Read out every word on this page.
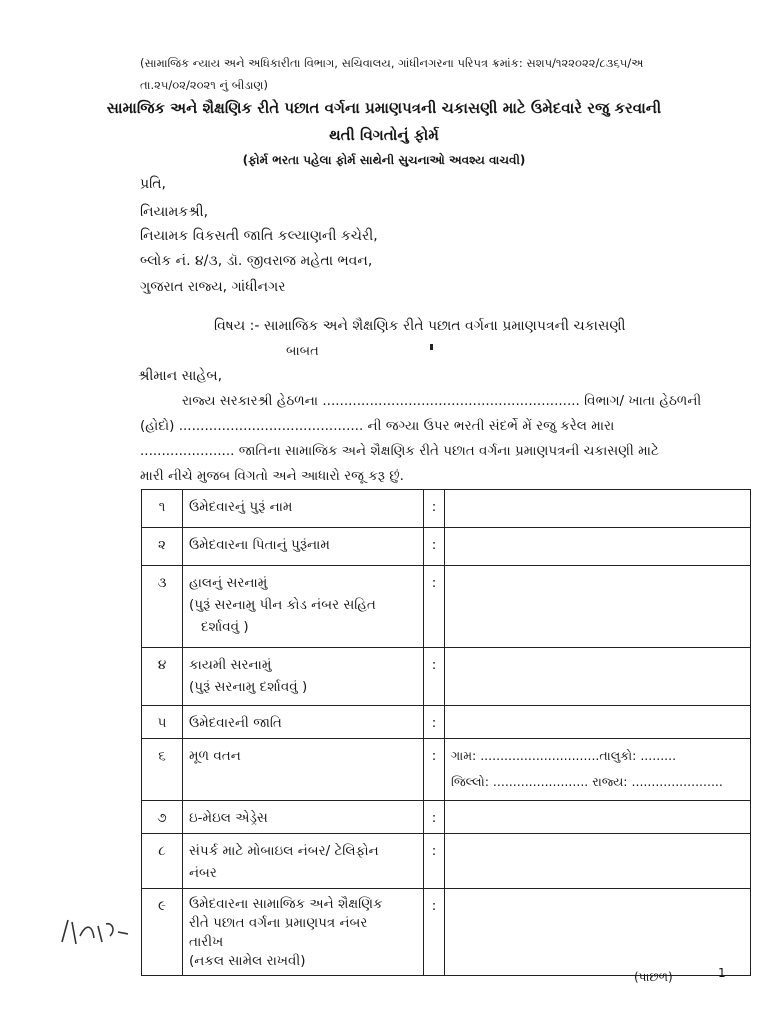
(સામાજિક ન્યાય અને અધિકારીતા વિભાગ, સચિવાલય, ગાંધીનગરના પરિપત્ર ક્રમાંક: સશપ/૧૨૨૦૨૨/૮૩૬૫/અ
તા.૨૫/૦૨/૨૦૨૧ નું બીડાણ)
સામાજિક અને શૈક્ષણિક રીતે પછાત વર્ગના પ્રમાણપત્રની ચકાસણી માટે ઉમેદવારે રજુ કરવાની
થતી વિગતોનું ફોર્મ
(ફોર્મ ભરતા પહેલા ફોર્મ સાથેની સુચનાઓ અવશ્ય વાચવી)
પ્રતિ,
નિયામકશ્રી,
નિયામક વિકસતી જાતિ કલ્યાણની કચેરી,
બ્લોક નં. ૪/૩, ડૉ. જીવરાજ મહેતા ભવન,
ગુજરાત રાજ્ય, ગાંધીનગર
વિષય :- સામાજિક અને શૈક્ષણિક રીતે પછાત વર્ગના પ્રમાણપત્રની ચકાસણી
બાબત
શ્રીમાન સાહેબ,
રાજ્ય સરકારશ્રી હેઠળના ............................................................ વિભાગ/ ખાતા હેઠળની
(હોદો) ........................................... ની જગ્યા ઉપર ભરતી સંદર્ભે મેં રજુ કરેલ મારા
...................... જાતિના સામાજિક અને શૈક્ષણિક રીતે પછાત વર્ગના પ્રમાણપત્રની ચકાસણી માટે
મારી નીચે મુજબ વિગતો અને આધારો રજૂ કરૂ છું.
૧	ઉમેદવારનું પુરૂં નામ	:	
૨	ઉમેદવારના પિતાનું પુરૂંનામ	:	
૩	હાલનું સરનામું
(પુરૂં સરનામુ પીન કોડ નંબર સહિત
દર્શાવવું )	:	
૪	કાયમી સરનામું
(પુરૂં સરનામુ દર્શાવવું )	:	
૫	ઉમેદવારની જાતિ	:	
૬	મૂળ વતન	:	ગામ: ..............................તાલુકો: .........
જિલ્લો: ........................ રાજ્ય: .......................

૭	ઇ-મેઇલ એડ્રેસ	:	
૮	સંપર્ક માટે મોબાઇલ નંબર/ ટેલિફોન
નંબર	:	
૯	ઉમેદવારના સામાજિક અને શૈક્ષણિક
રીતે પછાત વર્ગના પ્રમાણપત્ર નંબર
તારીખ
(નકલ સામેલ રાખવી)	:	
(પાછળ)	1
